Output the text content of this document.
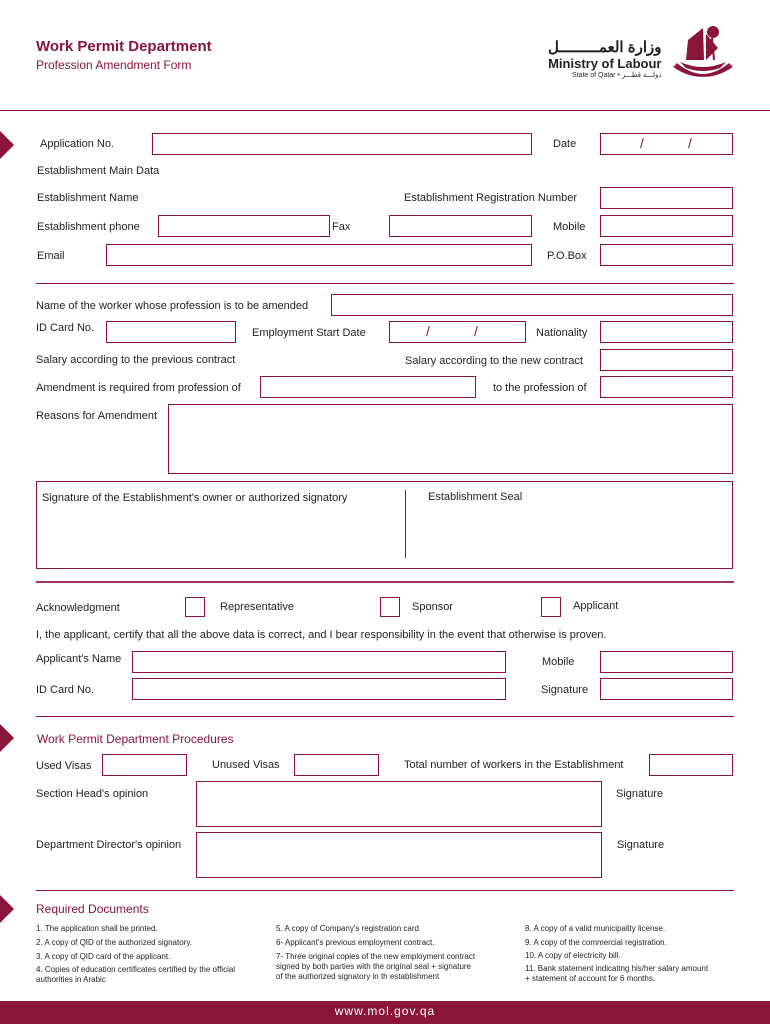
Work Permit Department
Profession Amendment Form
وزارة العمـــــــــل
Ministry of Labour
State of Qatar • دولـــة قطـــر
Application No.	Date	/	/
Establishment Main Data
Establishment Name	Establishment Registration Number
Establishment phone	Fax	Mobile
Email	P.O.Box
Name of the worker whose profession is to be amended
ID Card No.	Employment Start Date	/	/	Nationality
Salary according to the previous contract	Salary according to the new contract
Amendment is required from profession of	to the profession of
Reasons for Amendment
Signature of the Establishment's owner or authorized signatory	Establishment Seal
Acknowledgment	Representative	Sponsor	Applicant
I, the applicant, certify that all the above data is correct, and I bear responsibility in the event that otherwise is proven.
Applicant's Name	Mobile
ID Card No.	Signature
Work Permit Department Procedures
Used Visas	Unused Visas	Total number of workers in the Establishment
Section Head's opinion	Signature
Department Director's opinion	Signature
Required Documents
1. The application shall be printed.
2. A copy of QID of the authorized signatory.
3. A copy of QID card of the applicant.
4. Copies of education certificates certified by the official authorities in Arabic
5. A copy of Company's registration card
6- Applicant's previous employment contract.
7- Three original copies of the new employment contract signed by both parties with the original seal + signature of the authorized signatory in th establishment
8. A copy of a valid municipality license.
9. A copy of the commercial registration.
10. A copy of electricity bill.
11. Bank statement indicating his/her salary amount + statement of account for 6 months.
www.mol.gov.qa
